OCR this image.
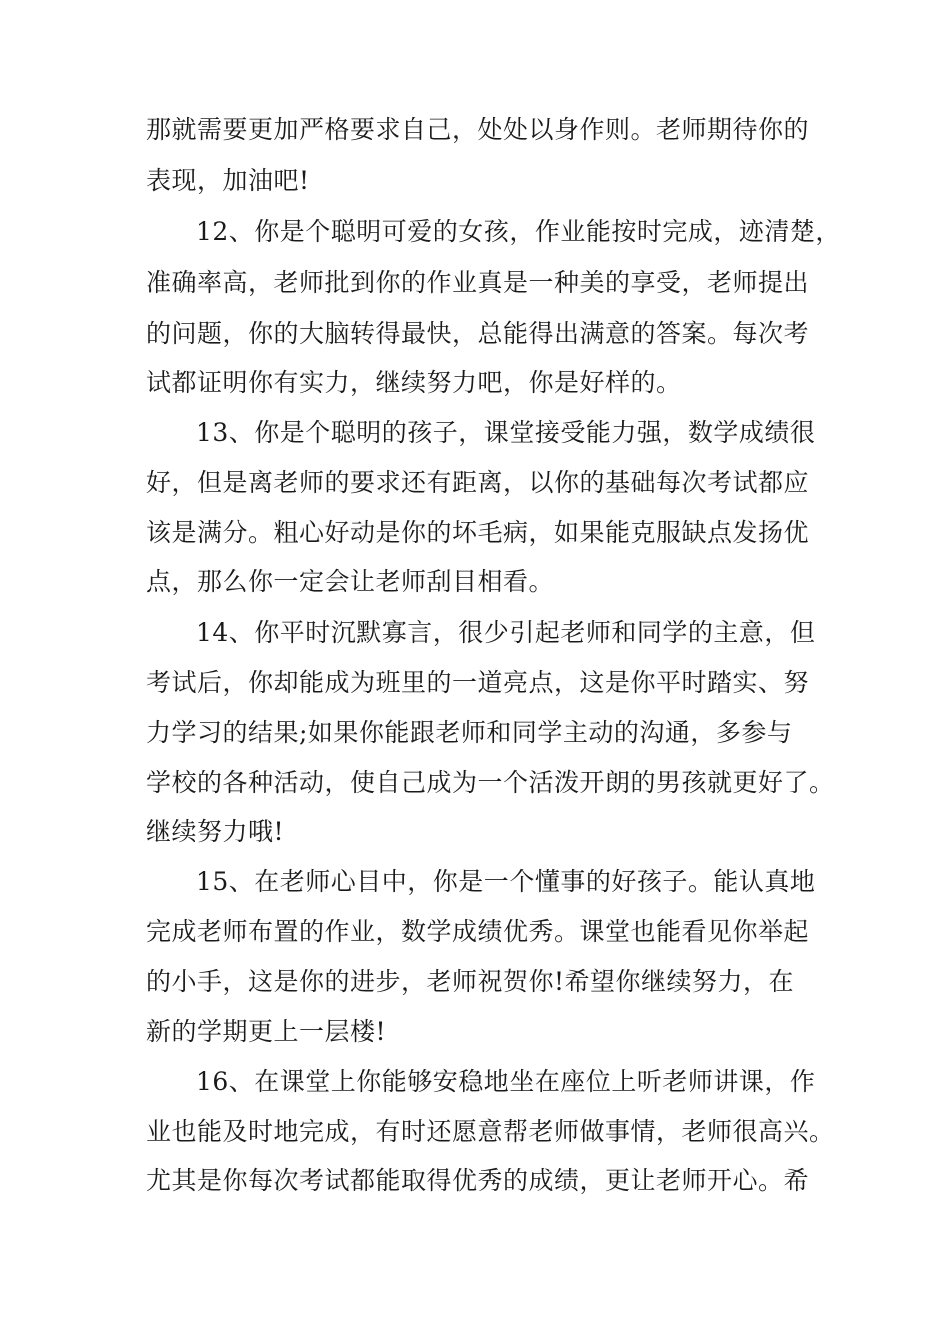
那就需要更加严格要求自己，处处以身作则。老师期待你的
表现，加油吧!
12、你是个聪明可爱的女孩，作业能按时完成，迹清楚，
准确率高，老师批到你的作业真是一种美的享受，老师提出
的问题，你的大脑转得最快，总能得出满意的答案。每次考
试都证明你有实力，继续努力吧，你是好样的。
13、你是个聪明的孩子，课堂接受能力强，数学成绩很
好，但是离老师的要求还有距离，以你的基础每次考试都应
该是满分。粗心好动是你的坏毛病，如果能克服缺点发扬优
点，那么你一定会让老师刮目相看。
14、你平时沉默寡言，很少引起老师和同学的主意，但
考试后，你却能成为班里的一道亮点，这是你平时踏实、努
力学习的结果;如果你能跟老师和同学主动的沟通，多参与
学校的各种活动，使自己成为一个活泼开朗的男孩就更好了。
继续努力哦!
15、在老师心目中，你是一个懂事的好孩子。能认真地
完成老师布置的作业，数学成绩优秀。课堂也能看见你举起
的小手，这是你的进步，老师祝贺你!希望你继续努力，在
新的学期更上一层楼!
16、在课堂上你能够安稳地坐在座位上听老师讲课，作
业也能及时地完成，有时还愿意帮老师做事情，老师很高兴。
尤其是你每次考试都能取得优秀的成绩，更让老师开心。希
